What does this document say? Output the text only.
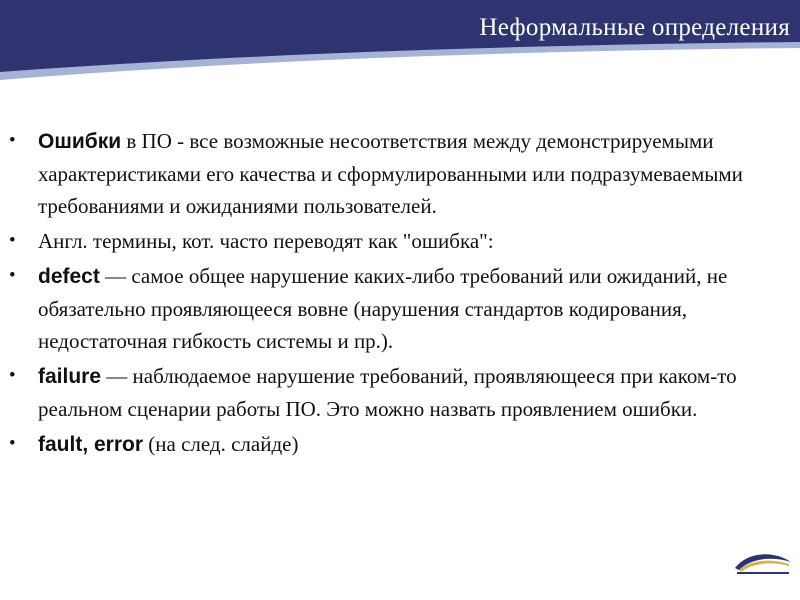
Неформальные определения
• Ошибки в ПО - все возможные несоответствия между демонстрируемыми характеристиками его качества и сформулированными или подразумеваемыми требованиями и ожиданиями пользователей.
• Англ. термины, кот. часто переводят как "ошибка":
• defect — самое общее нарушение каких-либо требований или ожиданий, не обязательно проявляющееся вовне (нарушения стандартов кодирования, недостаточная гибкость системы и пр.).
• failure — наблюдаемое нарушение требований, проявляющееся при каком-то реальном сценарии работы ПО. Это можно назвать проявлением ошибки.
• fault, error (на след. слайде)
